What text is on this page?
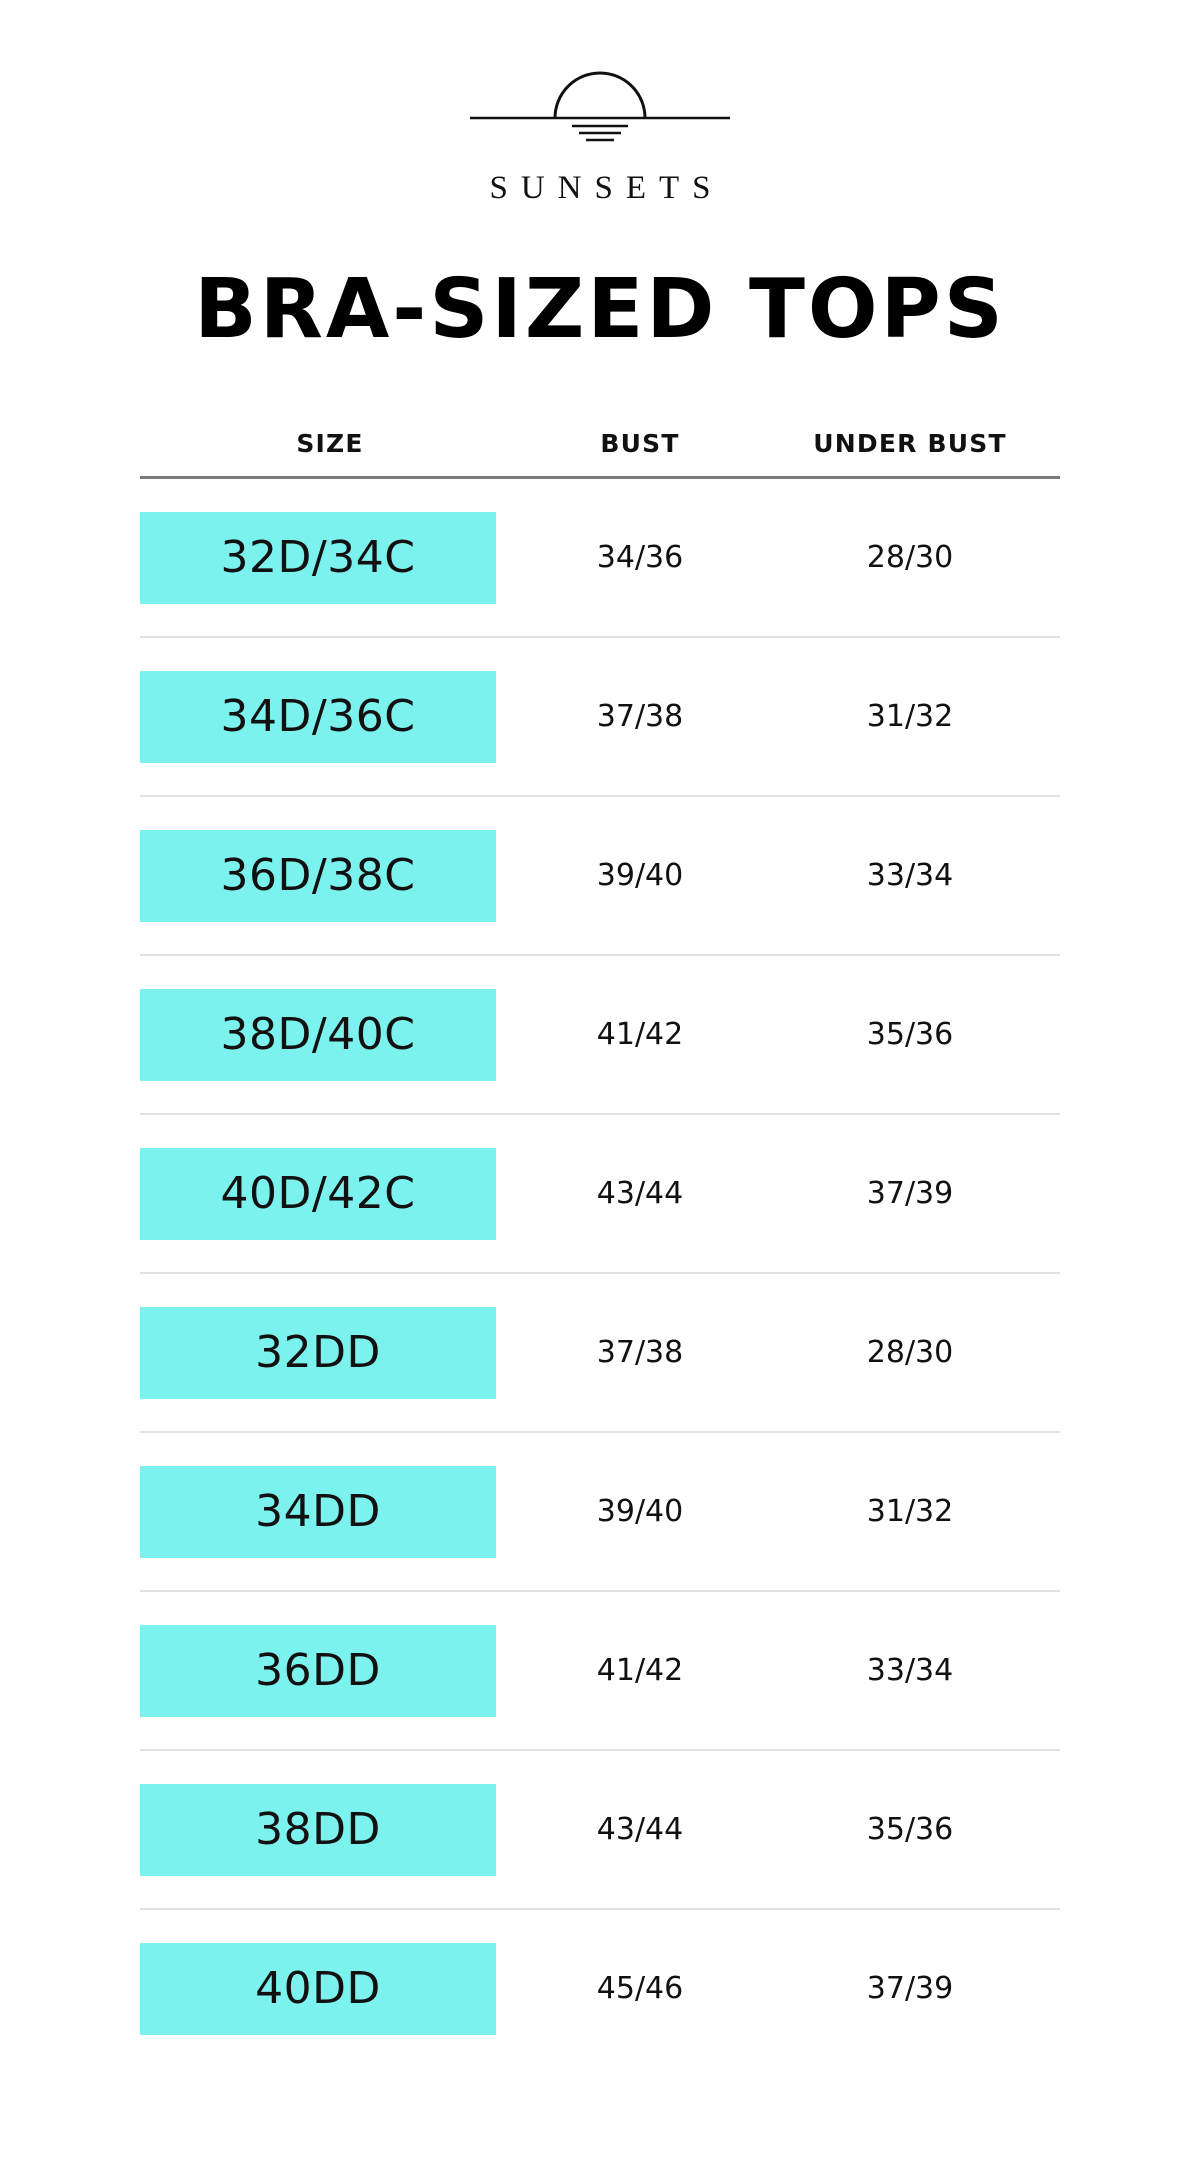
SUNSETS
BRA-SIZED TOPS
SIZE	BUST	UNDER BUST
32D/34C	34/36	28/30
34D/36C	37/38	31/32
36D/38C	39/40	33/34
38D/40C	41/42	35/36
40D/42C	43/44	37/39
32DD	37/38	28/30
34DD	39/40	31/32
36DD	41/42	33/34
38DD	43/44	35/36
40DD	45/46	37/39
